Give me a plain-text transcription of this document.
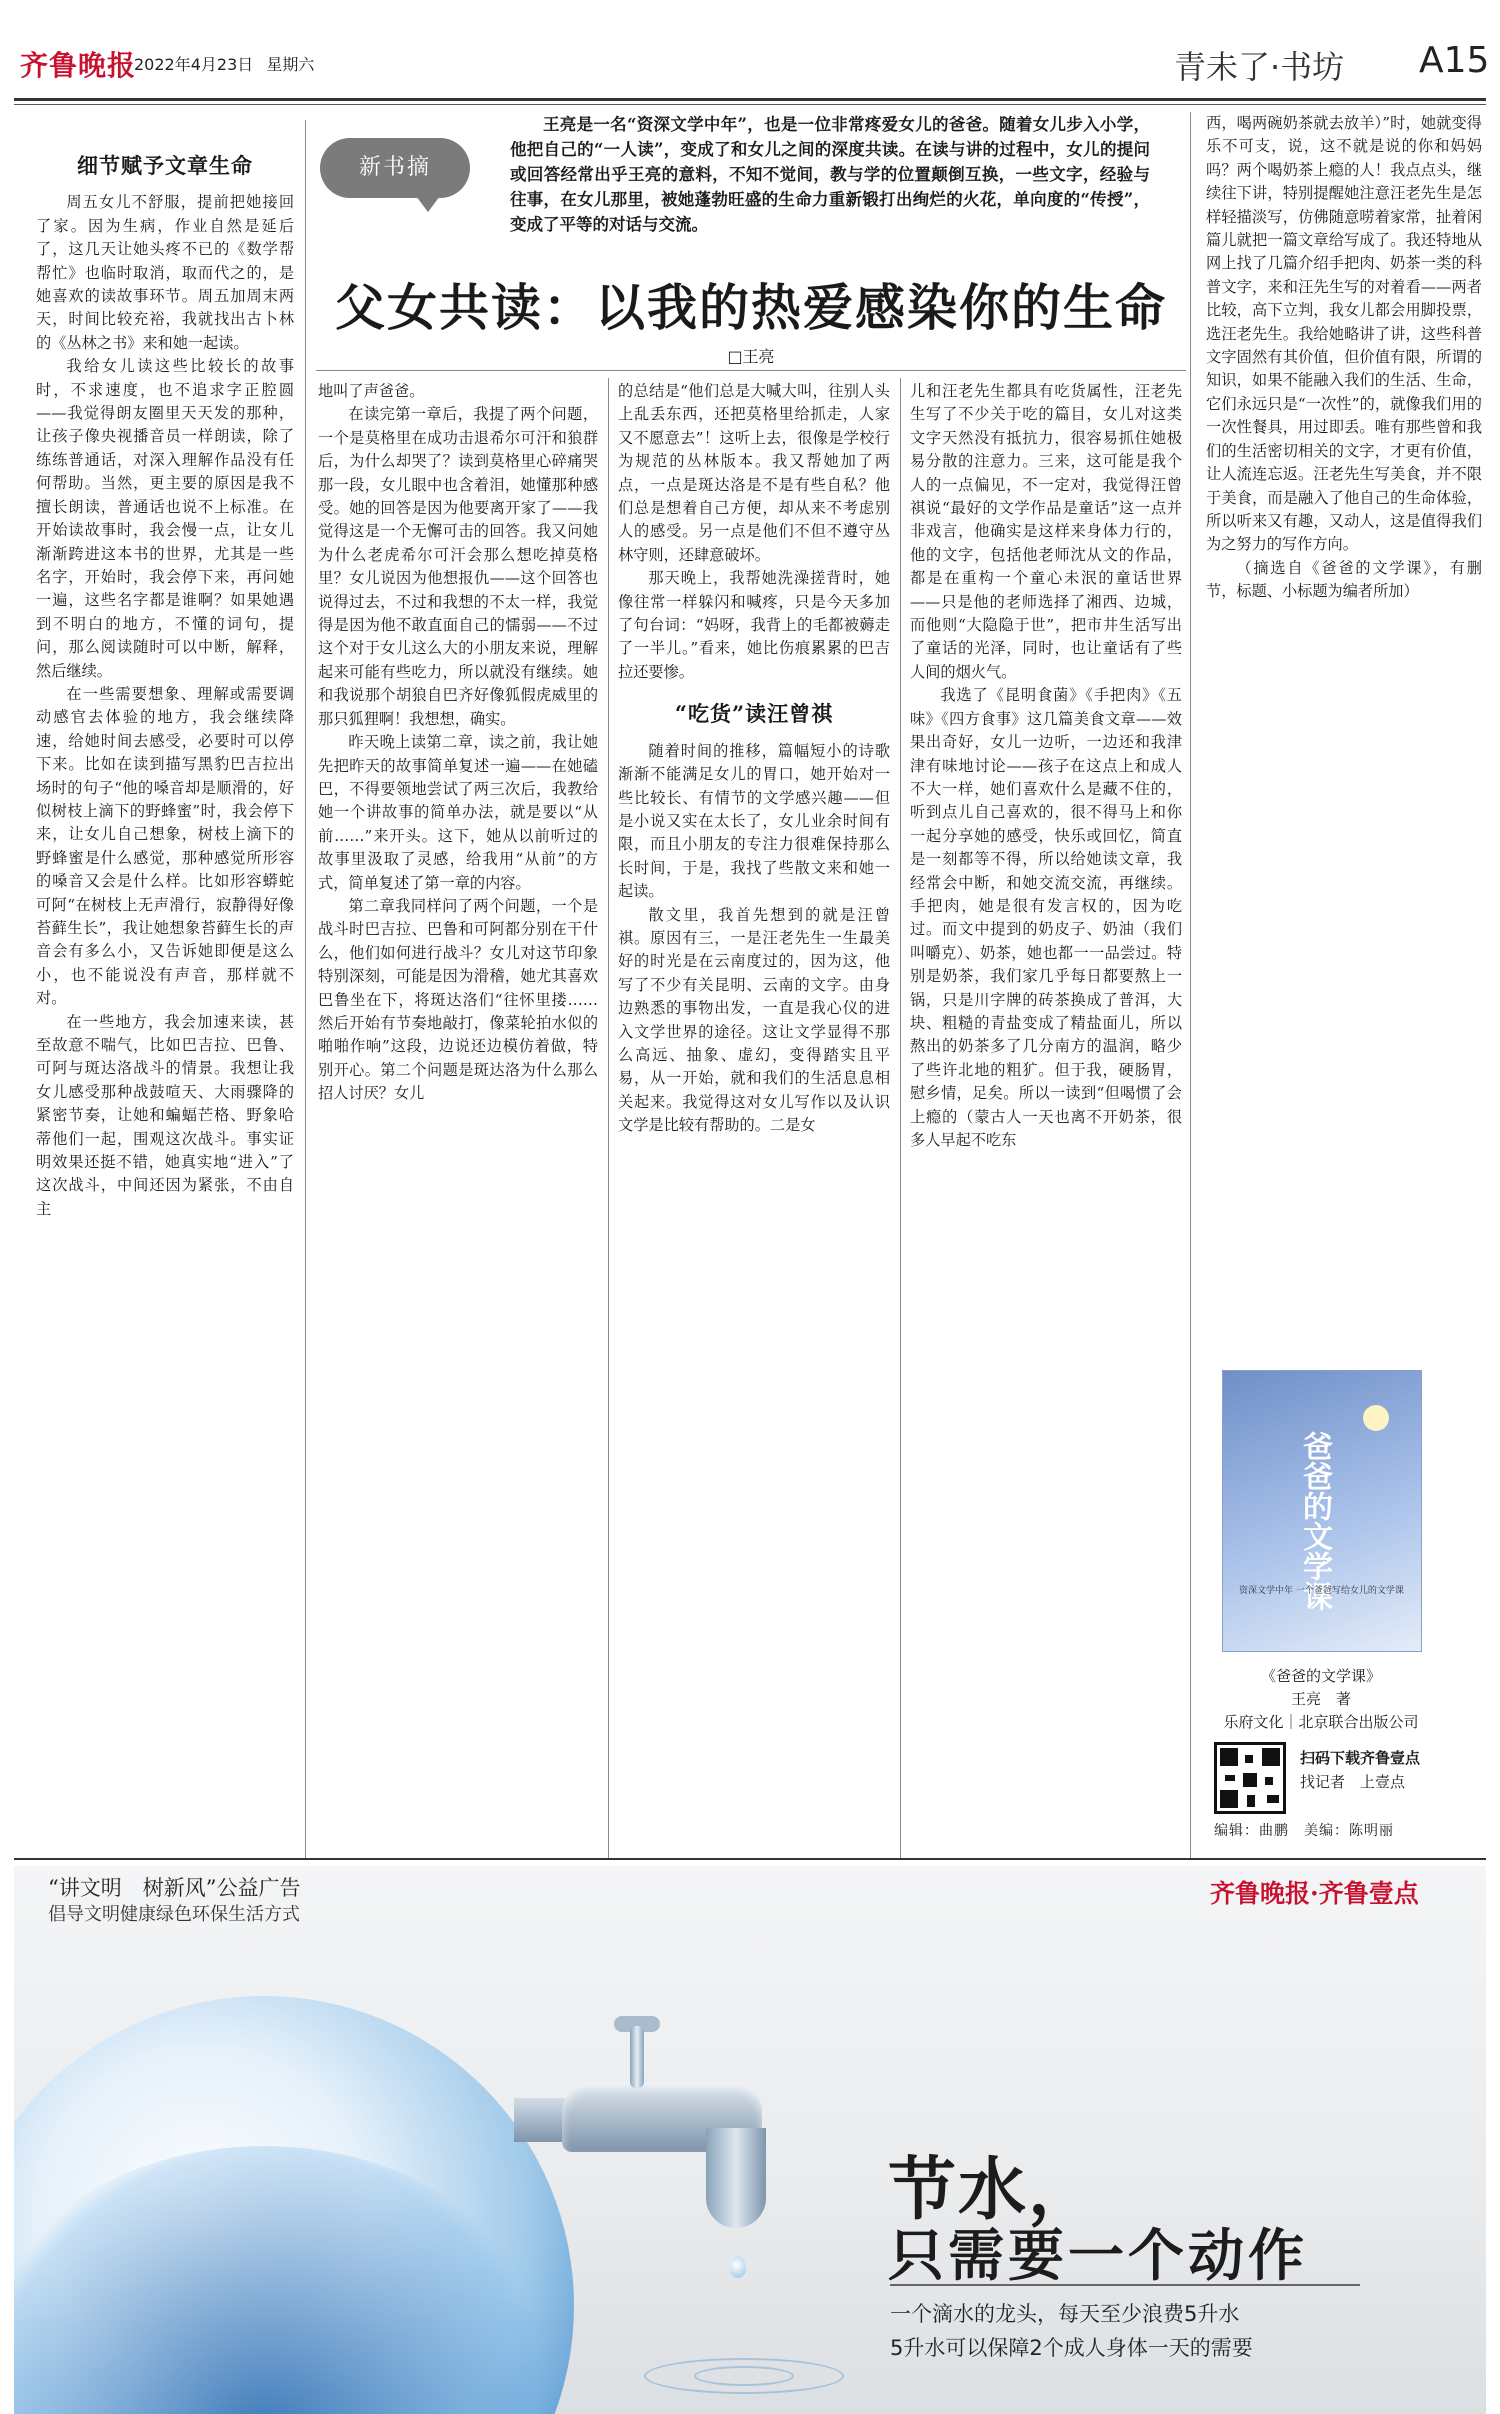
齐鲁晚报
2022年4月23日 星期六	青未了·书坊 A15
新书摘
王亮是一名“资深文学中年”，也是一位非常疼爱女儿的爸爸。随着女儿步入小学，他把自己的“一人读”，变成了和女儿之间的深度共读。在读与讲的过程中，女儿的提问或回答经常出乎王亮的意料，不知不觉间，教与学的位置颠倒互换，一些文字，经验与往事，在女儿那里，被她蓬勃旺盛的生命力重新锻打出绚烂的火花，单向度的“传授”，变成了平等的对话与交流。
父女共读：以我的热爱感染你的生命
□王亮
细节赋予文章生命

周五女儿不舒服，提前把她接回了家。因为生病，作业自然是延后了，这几天让她头疼不已的《数学帮帮忙》也临时取消，取而代之的，是她喜欢的读故事环节。周五加周末两天，时间比较充裕，我就找出古卜林的《丛林之书》来和她一起读。

我给女儿读这些比较长的故事时，不求速度，也不追求字正腔圆——我觉得朗友圈里天天发的那种，让孩子像央视播音员一样朗读，除了练练普通话，对深入理解作品没有任何帮助。当然，更主要的原因是我不擅长朗读，普通话也说不上标准。在开始读故事时，我会慢一点，让女儿渐渐跨进这本书的世界，尤其是一些名字，开始时，我会停下来，再问她一遍，这些名字都是谁啊？如果她遇到不明白的地方，不懂的词句，提问，那么阅读随时可以中断，解释，然后继续。

在一些需要想象、理解或需要调动感官去体验的地方，我会继续降速，给她时间去感受，必要时可以停下来。比如在读到描写黑豹巴吉拉出场时的句子“他的嗓音却是顺滑的，好似树枝上滴下的野蜂蜜”时，我会停下来，让女儿自己想象，树枝上滴下的野蜂蜜是什么感觉，那种感觉所形容的嗓音又会是什么样。比如形容蟒蛇可阿“在树枝上无声滑行，寂静得好像苔藓生长”，我让她想象苔藓生长的声音会有多么小，又告诉她即便是这么小，也不能说没有声音，那样就不对。

在一些地方，我会加速来读，甚至故意不喘气，比如巴吉拉、巴鲁、可阿与斑达洛战斗的情景。我想让我女儿感受那种战鼓喧天、大雨骤降的紧密节奏，让她和蝙蝠芒格、野象哈蒂他们一起，围观这次战斗。事实证明效果还挺不错，她真实地“进入”了这次战斗，中间还因为紧张，不由自主

地叫了声爸爸。

在读完第一章后，我提了两个问题，一个是莫格里在成功击退希尔可汗和狼群后，为什么却哭了？读到莫格里心碎痛哭那一段，女儿眼中也含着泪，她懂那种感受。她的回答是因为他要离开家了——我觉得这是一个无懈可击的回答。我又问她为什么老虎希尔可汗会那么想吃掉莫格里？女儿说因为他想报仇——这个回答也说得过去，不过和我想的不太一样，我觉得是因为他不敢直面自己的懦弱——不过这个对于女儿这么大的小朋友来说，理解起来可能有些吃力，所以就没有继续。她和我说那个胡狼自巴齐好像狐假虎威里的那只狐狸啊！我想想，确实。

昨天晚上读第二章，读之前，我让她先把昨天的故事简单复述一遍——在她磕巴，不得要领地尝试了两三次后，我教给她一个讲故事的简单办法，就是要以“从前……”来开头。这下，她从以前听过的故事里汲取了灵感，给我用“从前”的方式，简单复述了第一章的内容。

第二章我同样问了两个问题，一个是战斗时巴吉拉、巴鲁和可阿都分别在干什么，他们如何进行战斗？女儿对这节印象特别深刻，可能是因为滑稽，她尤其喜欢巴鲁坐在下，将斑达洛们“往怀里搂……然后开始有节奏地敲打，像菜轮拍水似的啪啪作响”这段，边说还边模仿着做，特别开心。第二个问题是斑达洛为什么那么招人讨厌？女儿

的总结是“他们总是大喊大叫，往别人头上乱丢东西，还把莫格里给抓走，人家又不愿意去”！这听上去，很像是学校行为规范的丛林版本。我又帮她加了两点，一点是斑达洛是不是有些自私？他们总是想着自己方便，却从来不考虑别人的感受。另一点是他们不但不遵守丛林守则，还肆意破坏。

那天晚上，我帮她洗澡搓背时，她像往常一样躲闪和喊疼，只是今天多加了句台词：“妈呀，我背上的毛都被薅走了一半儿。”看来，她比伤痕累累的巴吉拉还要惨。

“吃货”读汪曾祺

随着时间的推移，篇幅短小的诗歌渐渐不能满足女儿的胃口，她开始对一些比较长、有情节的文学感兴趣——但是小说又实在太长了，女儿业余时间有限，而且小朋友的专注力很难保持那么长时间，于是，我找了些散文来和她一起读。

散文里，我首先想到的就是汪曾祺。原因有三，一是汪老先生一生最美好的时光是在云南度过的，因为这，他写了不少有关昆明、云南的文字。由身边熟悉的事物出发，一直是我心仪的进入文学世界的途径。这让文学显得不那么高远、抽象、虚幻，变得踏实且平易，从一开始，就和我们的生活息息相关起来。我觉得这对女儿写作以及认识文学是比较有帮助的。二是女

儿和汪老先生都具有吃货属性，汪老先生写了不少关于吃的篇目，女儿对这类文字天然没有抵抗力，很容易抓住她极易分散的注意力。三来，这可能是我个人的一点偏见，不一定对，我觉得汪曾祺说“最好的文学作品是童话”这一点并非戏言，他确实是这样来身体力行的，他的文字，包括他老师沈从文的作品，都是在重构一个童心未泯的童话世界——只是他的老师选择了湘西、边城，而他则“大隐隐于世”，把市井生活写出了童话的光泽，同时，也让童话有了些人间的烟火气。

我选了《昆明食菌》《手把肉》《五味》《四方食事》这几篇美食文章——效果出奇好，女儿一边听，一边还和我津津有味地讨论——孩子在这点上和成人不大一样，她们喜欢什么是藏不住的，听到点儿自己喜欢的，很不得马上和你一起分享她的感受，快乐或回忆，简直是一刻都等不得，所以给她读文章，我经常会中断，和她交流交流，再继续。手把肉，她是很有发言权的，因为吃过。而文中提到的奶皮子、奶油（我们叫嚼克）、奶茶，她也都一一品尝过。特别是奶茶，我们家几乎每日都要熬上一锅，只是川字牌的砖茶换成了普洱，大块、粗糙的青盐变成了精盐面儿，所以熬出的奶茶多了几分南方的温润，略少了些许北地的粗犷。但于我，硬肠胃，慰乡情，足矣。所以一读到“但喝惯了会上瘾的（蒙古人一天也离不开奶茶，很多人早起不吃东

西，喝两碗奶茶就去放羊）”时，她就变得乐不可支，说，这不就是说的你和妈妈吗？两个喝奶茶上瘾的人！我点点头，继续往下讲，特别提醒她注意汪老先生是怎样轻描淡写，仿佛随意唠着家常，扯着闲篇儿就把一篇文章给写成了。我还特地从网上找了几篇介绍手把肉、奶茶一类的科普文字，来和汪先生写的对着看——两者比较，高下立判，我女儿都会用脚投票，选汪老先生。我给她略讲了讲，这些科普文字固然有其价值，但价值有限，所谓的知识，如果不能融入我们的生活、生命，它们永远只是“一次性”的，就像我们用的一次性餐具，用过即丢。唯有那些曾和我们的生活密切相关的文字，才更有价值，让人流连忘返。汪老先生写美食，并不限于美食，而是融入了他自己的生命体验，所以听来又有趣，又动人，这是值得我们为之努力的写作方向。

（摘选自《爸爸的文学课》，有删节，标题、小标题为编者所加）

爸爸的文学课
资深文学中年 一个爸爸写给女儿的文学课
《爸爸的文学课》
王亮　著
乐府文化｜北京联合出版公司
扫码下载齐鲁壹点
找记者　上壹点
编辑：曲鹏　美编：陈明丽
“讲文明　树新风”公益广告
倡导文明健康绿色环保生活方式
齐鲁晚报·齐鲁壹点
节水，
只需要一个动作
一个滴水的龙头，每天至少浪费5升水
5升水可以保障2个成人身体一天的需要
